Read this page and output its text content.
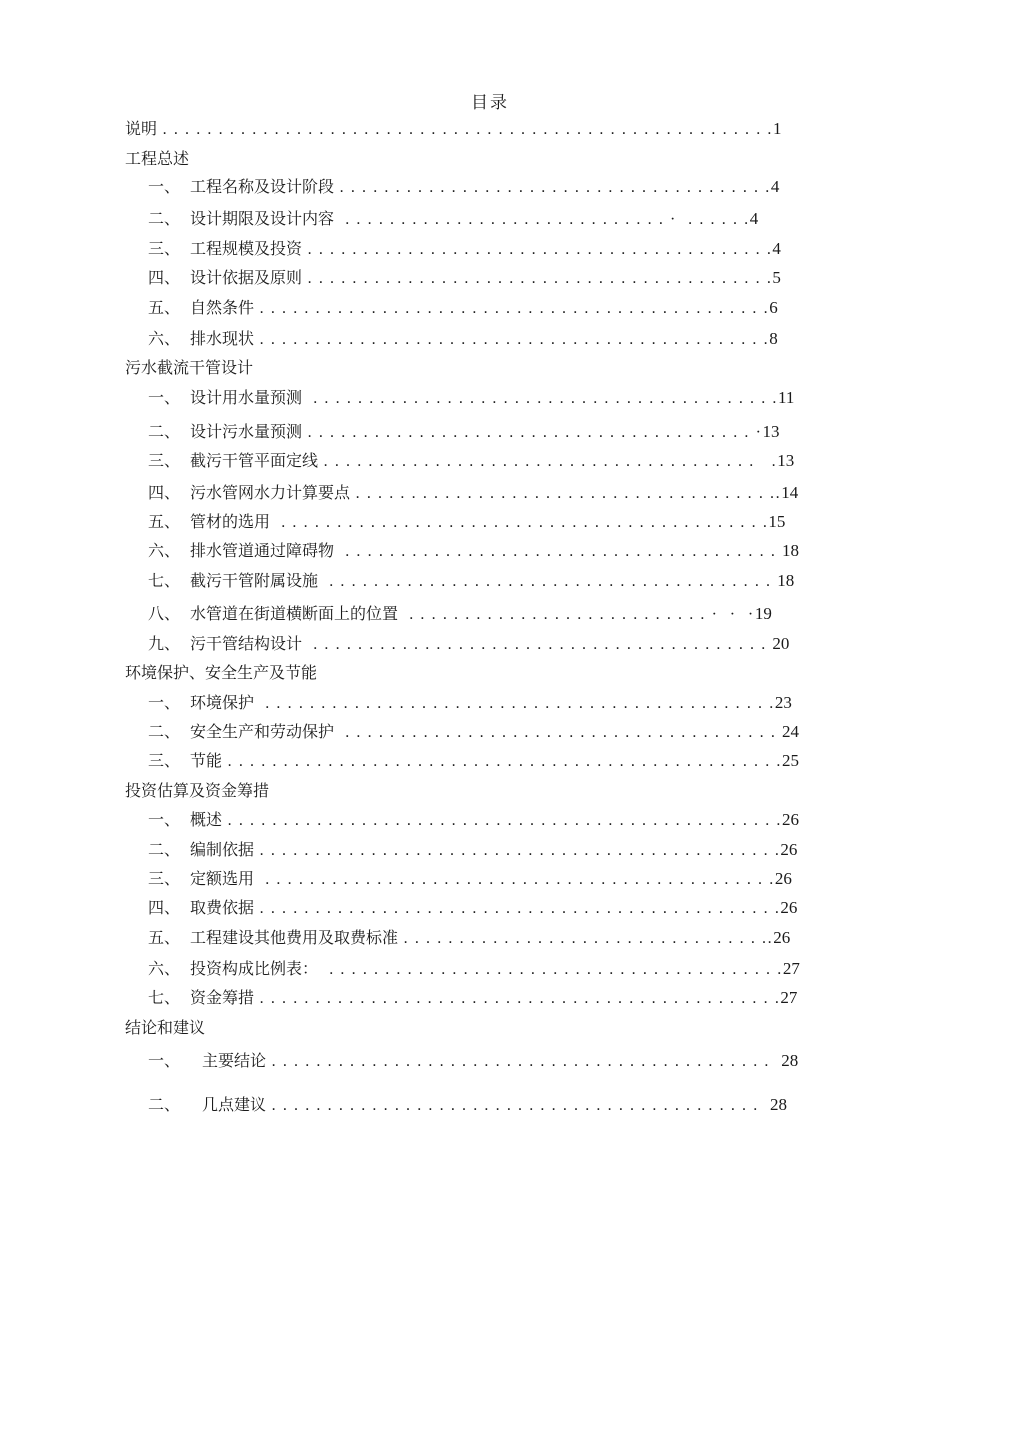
目录
说明 . . . . . . . . . . . . . . . . . . . . . . . . . . . . . . . . . . . . . . . . . . . . . . . . . . . . . . .1
工程总述
一、 工程名称及设计阶段 . . . . . . . . . . . . . . . . . . . . . . . . . . . . . . . . . . . . . . .4
二、 设计期限及设计内容  . . . . . . . . . . . . . . . . . . . . . . . . . . . . . ·  . . . . . .4
三、 工程规模及投资 . . . . . . . . . . . . . . . . . . . . . . . . . . . . . . . . . . . . . . . . . .4
四、 设计依据及原则 . . . . . . . . . . . . . . . . . . . . . . . . . . . . . . . . . . . . . . . . . .5
五、 自然条件 . . . . . . . . . . . . . . . . . . . . . . . . . . . . . . . . . . . . . . . . . . . . . .6
六、 排水现状 . . . . . . . . . . . . . . . . . . . . . . . . . . . . . . . . . . . . . . . . . . . . . .8
污水截流干管设计
一、 设计用水量预测  . . . . . . . . . . . . . . . . . . . . . . . . . . . . . . . . . . . . . . . . . .11
二、 设计污水量预测 . . . . . . . . . . . . . . . . . . . . . . . . . . . . . . . . . . . . . . . . ·13
三、 截污干管平面定线 . . . . . . . . . . . . . . . . . . . . . . . . . . . . . . . . . . . . . . .   .13
四、 污水管网水力计算要点 . . . . . . . . . . . . . . . . . . . . . . . . . . . . . . . . . . . . . ..14
五、 管材的选用  . . . . . . . . . . . . . . . . . . . . . . . . . . . . . . . . . . . . . . . . . . . .15
六、 排水管道通过障碍物  . . . . . . . . . . . . . . . . . . . . . . . . . . . . . . . . . . . . . . . 18
七、 截污干管附属设施  . . . . . . . . . . . . . . . . . . . . . . . . . . . . . . . . . . . . . . . . 18
八、 水管道在街道横断面上的位置  . . . . . . . . . . . . . . . . . . . . . . . . . . . ·  ·  ·19
九、 污干管结构设计  . . . . . . . . . . . . . . . . . . . . . . . . . . . . . . . . . . . . . . . . . 20
环境保护、安全生产及节能
一、 环境保护  . . . . . . . . . . . . . . . . . . . . . . . . . . . . . . . . . . . . . . . . . . . . . .23
二、 安全生产和劳动保护  . . . . . . . . . . . . . . . . . . . . . . . . . . . . . . . . . . . . . . . 24
三、 节能 . . . . . . . . . . . . . . . . . . . . . . . . . . . . . . . . . . . . . . . . . . . . . . . . . .25
投资估算及资金筹措
一、 概述 . . . . . . . . . . . . . . . . . . . . . . . . . . . . . . . . . . . . . . . . . . . . . . . . . .26
二、 编制依据 . . . . . . . . . . . . . . . . . . . . . . . . . . . . . . . . . . . . . . . . . . . . . . .26
三、 定额选用  . . . . . . . . . . . . . . . . . . . . . . . . . . . . . . . . . . . . . . . . . . . . . .26
四、 取费依据 . . . . . . . . . . . . . . . . . . . . . . . . . . . . . . . . . . . . . . . . . . . . . . .26
五、 工程建设其他费用及取费标准 . . . . . . . . . . . . . . . . . . . . . . . . . . . . . . . . ..26
六、 投资构成比例表：  . . . . . . . . . . . . . . . . . . . . . . . . . . . . . . . . . . . . . . . . .27
七、 资金筹措 . . . . . . . . . . . . . . . . . . . . . . . . . . . . . . . . . . . . . . . . . . . . . . .27
结论和建议
一、 主要结论 . . . . . . . . . . . . . . . . . . . . . . . . . . . . . . . . . . . . . . . . . . . . .  28
二、 几点建议 . . . . . . . . . . . . . . . . . . . . . . . . . . . . . . . . . . . . . . . . . . . .  28
